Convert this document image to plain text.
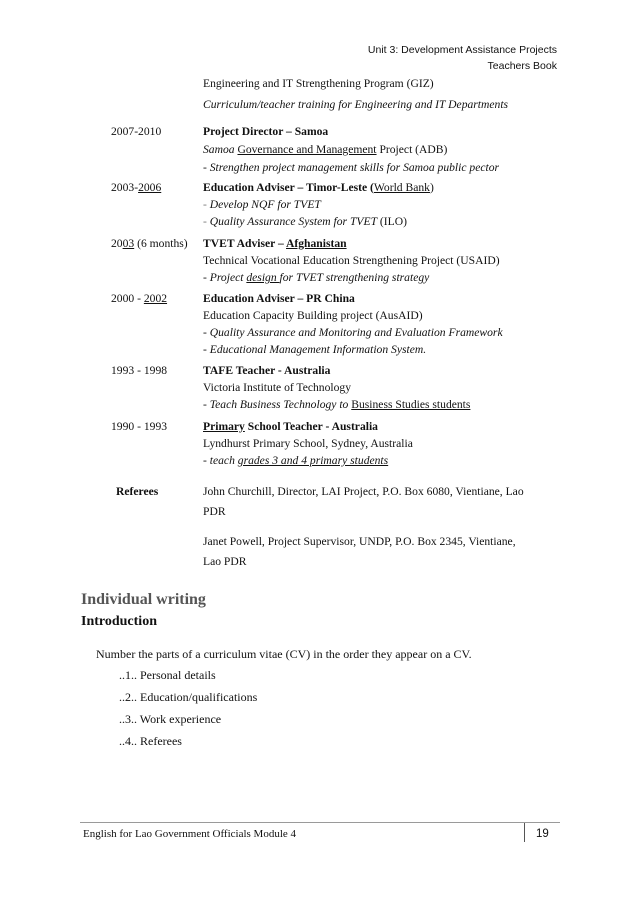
Unit 3: Development Assistance Projects
Teachers Book
Engineering and IT Strengthening Program (GIZ)
Curriculum/teacher training for Engineering and IT Departments
2007-2010	Project Director – Samoa
Samoa Governance and Management Project (ADB)
- Strengthen project management skills for Samoa public pector
2003-2006	Education Adviser – Timor-Leste (World Bank)
- Develop NQF for TVET
- Quality Assurance System for TVET (ILO)
2003 (6 months) TVET Adviser – Afghanistan
Technical Vocational Education Strengthening Project (USAID)
- Project design for TVET strengthening strategy
2000 - 2002	Education Adviser – PR China
Education Capacity Building project (AusAID)
- Quality Assurance and Monitoring and Evaluation Framework
- Educational Management Information System.
1993 - 1998	TAFE Teacher - Australia
Victoria Institute of Technology
- Teach Business Technology to Business Studies students
1990 - 1993	Primary School Teacher - Australia
Lyndhurst Primary School, Sydney, Australia
- teach grades 3 and 4 primary students
Referees	John Churchill, Director, LAI Project, P.O. Box 6080, Vientiane, Lao
PDR
Janet Powell, Project Supervisor, UNDP, P.O. Box 2345, Vientiane,
Lao PDR
Individual writing
Introduction
Number the parts of a curriculum vitae (CV) in the order they appear on a CV.
..1.. Personal details
..2.. Education/qualifications
..3.. Work experience
..4.. Referees
English for Lao Government Officials Module 4	19
